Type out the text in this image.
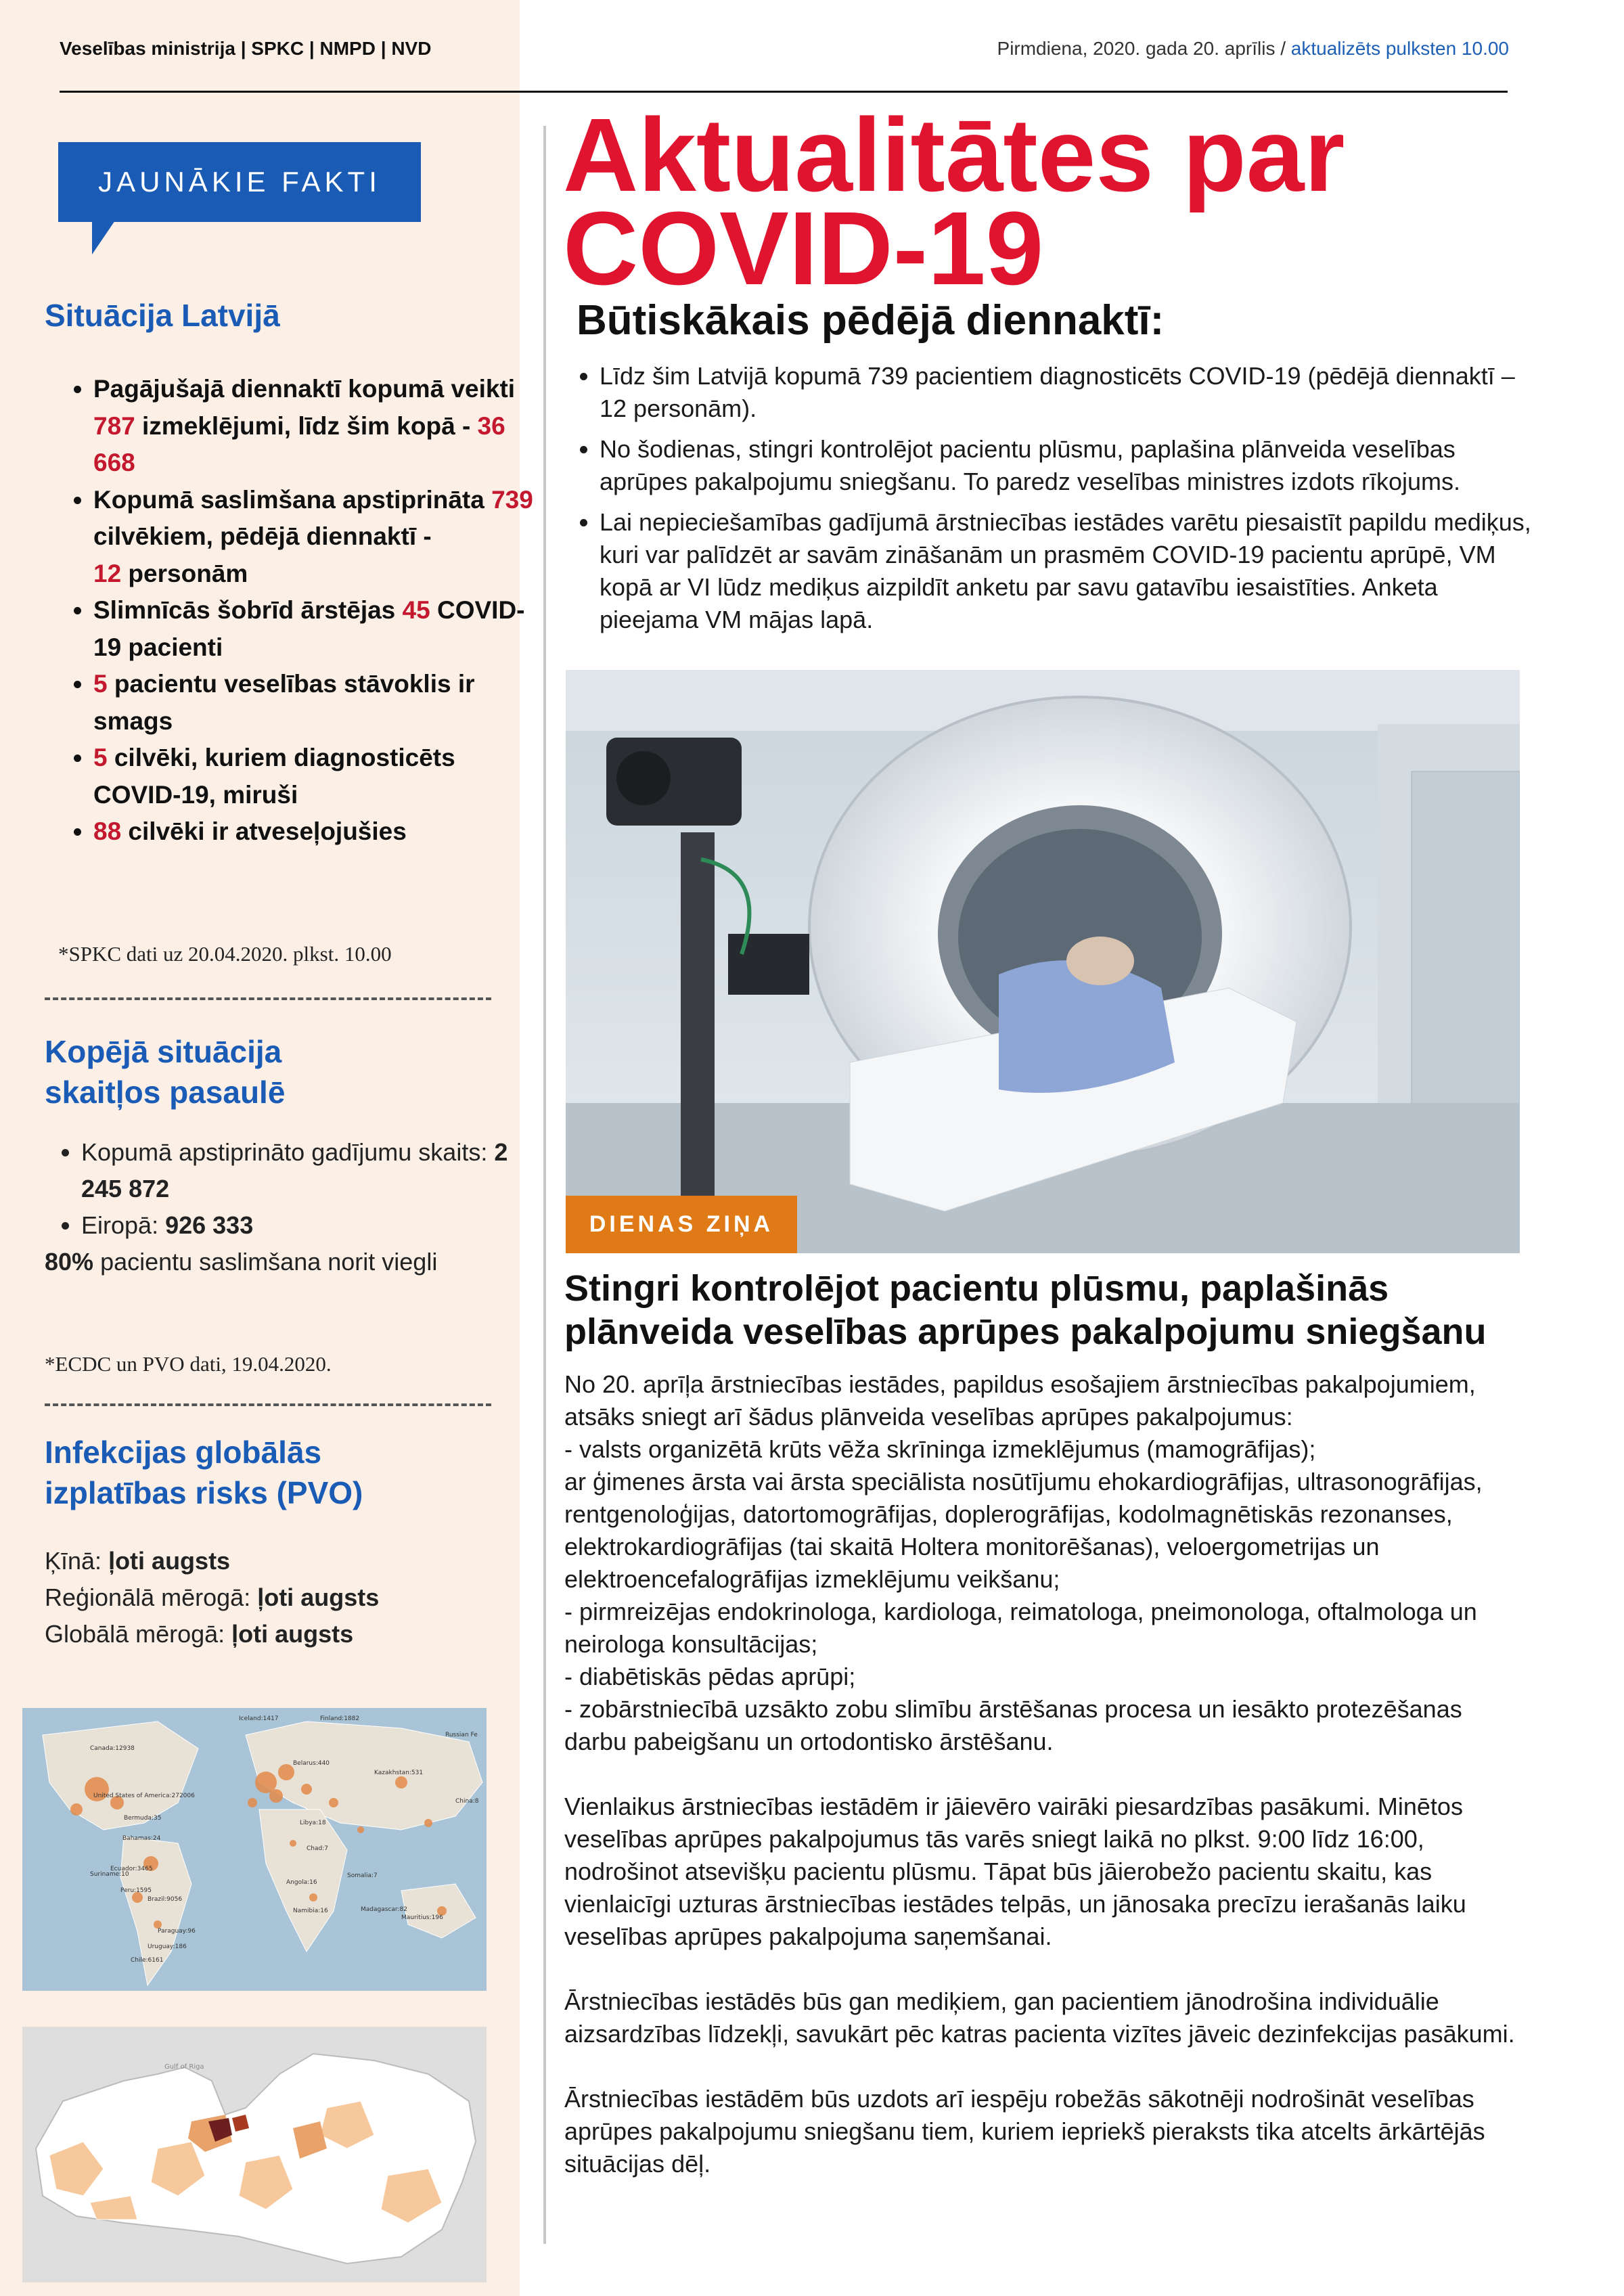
Veselības ministrija | SPKC | NMPD | NVD	Pirmdiena, 2020. gada 20. aprīlis / aktualizēts pulksten 10.00
JAUNĀKIE FAKTI
Situācija Latvijā
• Pagājušajā diennaktī kopumā veikti 787 izmeklējumi, līdz šim kopā - 36 668
• Kopumā saslimšana apstiprināta 739 cilvēkiem, pēdējā diennaktī -
12 personām
• Slimnīcās šobrīd ārstējas 45 COVID-19 pacienti
• 5 pacientu veselības stāvoklis ir smags
• 5 cilvēki, kuriem diagnosticēts COVID-19, miruši
• 88 cilvēki ir atveseļojušies
*SPKC dati uz 20.04.2020. plkst. 10.00
Kopējā situācija
skaitļos pasaulē
• Kopumā apstiprināto gadījumu skaits: 2 245 872
• Eiropā: 926 333
80% pacientu saslimšana norit viegli
*ECDC un PVO dati, 19.04.2020.
Infekcijas globālās
izplatības risks (PVO)
Ķīnā: ļoti augsts
Reģionālā mērogā: ļoti augsts
Globālā mērogā: ļoti augsts
Canada:12938
United States of America:272006
Bermuda:35
Bahamas:24
Ecuador:3465
Peru:1595
Brazil:9056
Chile:6161
Uruguay:186
Paraguay:96
Iceland:1417	Finland:1882
Russian Fe
Belarus:440
Kazakhstan:531
China:8
Libya:18
Chad:7
Somalia:7
Madagascar:82
Mauritius:196
Suriname:10
Angola:16
Namibia:16
Gulf of Riga
Aktualitātes par
COVID-19
Būtiskākais pēdējā diennaktī:
• Līdz šim Latvijā kopumā 739 pacientiem diagnosticēts COVID-19 (pēdējā diennaktī – 12 personām).
• No šodienas, stingri kontrolējot pacientu plūsmu, paplašina plānveida veselības aprūpes pakalpojumu sniegšanu. To paredz veselības ministres izdots rīkojums.
• Lai nepieciešamības gadījumā ārstniecības iestādes varētu piesaistīt papildu mediķus, kuri var palīdzēt ar savām zināšanām un prasmēm COVID-19 pacientu aprūpē, VM kopā ar VI lūdz mediķus aizpildīt anketu par savu gatavību iesaistīties. Anketa pieejama VM mājas lapā.
DIENAS ZIŅA
Stingri kontrolējot pacientu plūsmu, paplašinās plānveida veselības aprūpes pakalpojumu sniegšanu

No 20. aprīļa ārstniecības iestādes, papildus esošajiem ārstniecības pakalpojumiem, atsāks sniegt arī šādus plānveida veselības aprūpes pakalpojumus:

- valsts organizētā krūts vēža skrīninga izmeklējumus (mamogrāfijas);

ar ģimenes ārsta vai ārsta speciālista nosūtījumu ehokardiogrāfijas, ultrasonogrāfijas, rentgenoloģijas, datortomogrāfijas, doplerogrāfijas, kodolmagnētiskās rezonanses, elektrokardiogrāfijas (tai skaitā Holtera monitorēšanas), veloergometrijas un elektroencefalogrāfijas izmeklējumu veikšanu;

- pirmreizējas endokrinologa, kardiologa, reimatologa, pneimonologa, oftalmologa un neirologa konsultācijas;

- diabētiskās pēdas aprūpi;

- zobārstniecībā uzsākto zobu slimību ārstēšanas procesa un iesākto protezēšanas darbu pabeigšanu un ortodontisko ārstēšanu.

Vienlaikus ārstniecības iestādēm ir jāievēro vairāki piesardzības pasākumi. Minētos veselības aprūpes pakalpojumus tās varēs sniegt laikā no plkst. 9:00 līdz 16:00, nodrošinot atsevišķu pacientu plūsmu. Tāpat būs jāierobežo pacientu skaitu, kas vienlaicīgi uzturas ārstniecības iestādes telpās, un jānosaka precīzu ierašanās laiku veselības aprūpes pakalpojuma saņemšanai.

Ārstniecības iestādēs būs gan mediķiem, gan pacientiem jānodrošina individuālie aizsardzības līdzekļi, savukārt pēc katras pacienta vizītes jāveic dezinfekcijas pasākumi.

Ārstniecības iestādēm būs uzdots arī iespēju robežās sākotnēji nodrošināt veselības aprūpes pakalpojumu sniegšanu tiem, kuriem iepriekš pieraksts tika atcelts ārkārtējās situācijas dēļ.
